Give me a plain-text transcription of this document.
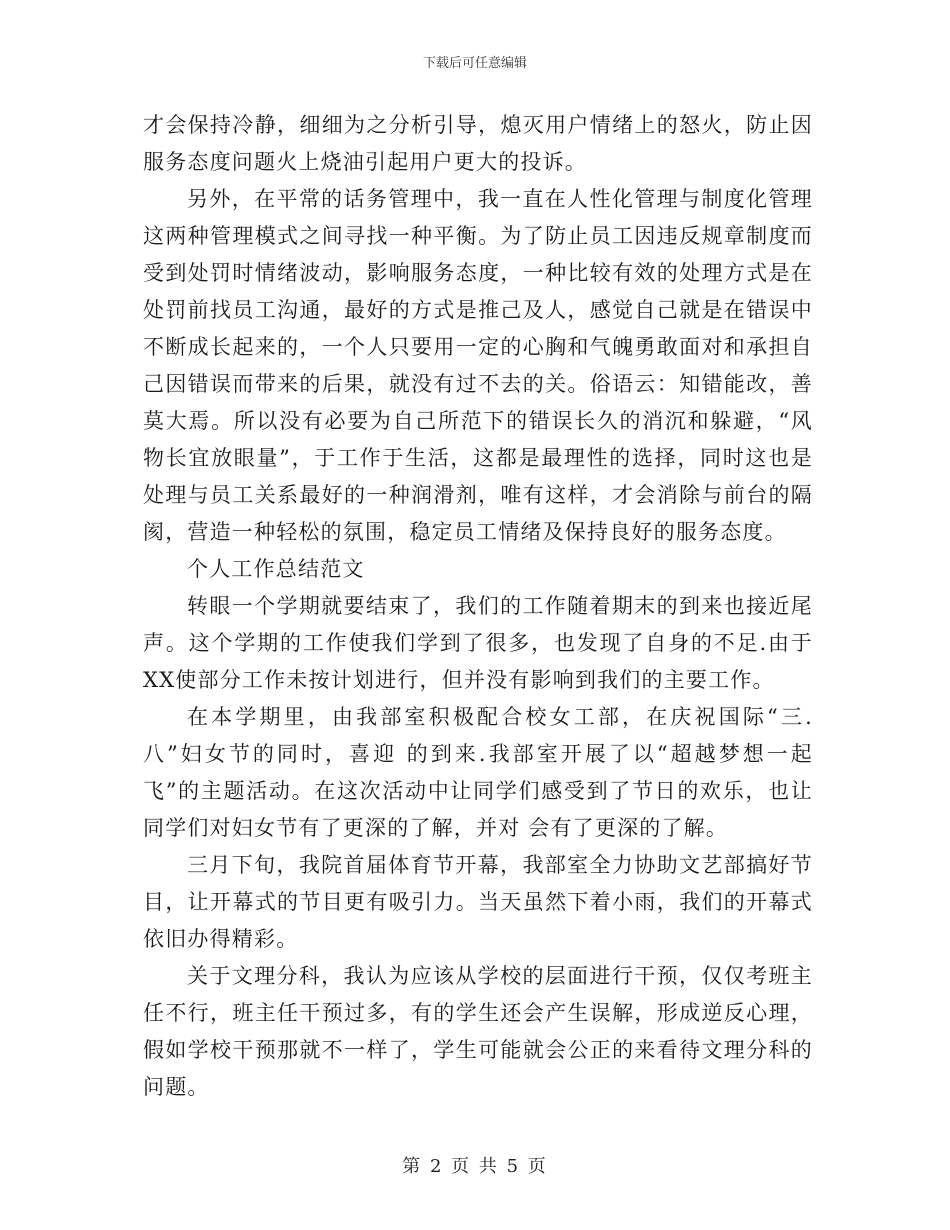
下载后可任意编辑

才会保持冷静，细细为之分析引导，熄灭用户情绪上的怒火，防止因服务态度问题火上烧油引起用户更大的投诉。

另外，在平常的话务管理中，我一直在人性化管理与制度化管理这两种管理模式之间寻找一种平衡。为了防止员工因违反规章制度而受到处罚时情绪波动，影响服务态度，一种比较有效的处理方式是在处罚前找员工沟通，最好的方式是推己及人，感觉自己就是在错误中不断成长起来的，一个人只要用一定的心胸和气魄勇敢面对和承担自己因错误而带来的后果，就没有过不去的关。俗语云：知错能改，善莫大焉。所以没有必要为自己所范下的错误长久的消沉和躲避，“风物长宜放眼量”，于工作于生活，这都是最理性的选择，同时这也是处理与员工关系最好的一种润滑剂，唯有这样，才会消除与前台的隔阂，营造一种轻松的氛围，稳定员工情绪及保持良好的服务态度。

个人工作总结范文

转眼一个学期就要结束了，我们的工作随着期末的到来也接近尾声。这个学期的工作使我们学到了很多，也发现了自身的不足.由于XX使部分工作未按计划进行，但并没有影响到我们的主要工作。

在本学期里，由我部室积极配合校女工部，在庆祝国际“三.八”妇女节的同时，喜迎 的到来.我部室开展了以“超越梦想一起飞”的主题活动。在这次活动中让同学们感受到了节日的欢乐，也让同学们对妇女节有了更深的了解，并对 会有了更深的了解。

三月下旬，我院首届体育节开幕，我部室全力协助文艺部搞好节目，让开幕式的节目更有吸引力。当天虽然下着小雨，我们的开幕式依旧办得精彩。

关于文理分科，我认为应该从学校的层面进行干预，仅仅考班主任不行，班主任干预过多，有的学生还会产生误解，形成逆反心理，假如学校干预那就不一样了，学生可能就会公正的来看待文理分科的问题。

第 2 页 共 5 页
